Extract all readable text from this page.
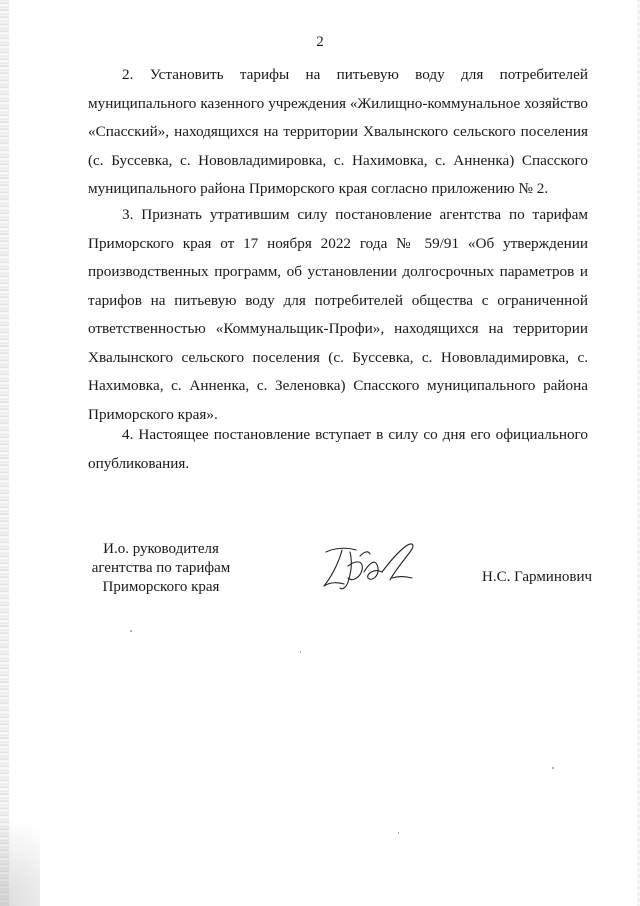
2

2. Установить тарифы на питьевую воду для потребителей муниципального казенного учреждения «Жилищно-коммунальное хозяйство «Спасский», находящихся на территории Хвалынского сельского поселения (с. Буссевка, с. Нововладимировка, с. Нахимовка, с. Анненка) Спасского муниципального района Приморского края согласно приложению № 2.

3. Признать утратившим силу постановление агентства по тарифам Приморского края от 17 ноября 2022 года № 59/91 «Об утверждении производственных программ, об установлении долгосрочных параметров и тарифов на питьевую воду для потребителей общества с ограниченной ответственностью «Коммунальщик-Профи», находящихся на территории Хвалынского сельского поселения (с. Буссевка, с. Нововладимировка, с. Нахимовка, с. Анненка, с. Зеленовка) Спасского муниципального района Приморского края».

4. Настоящее постановление вступает в силу со дня его официального опубликования.

И.о. руководителя
агентства по тарифам
Приморского края
Н.С. Гарминович
